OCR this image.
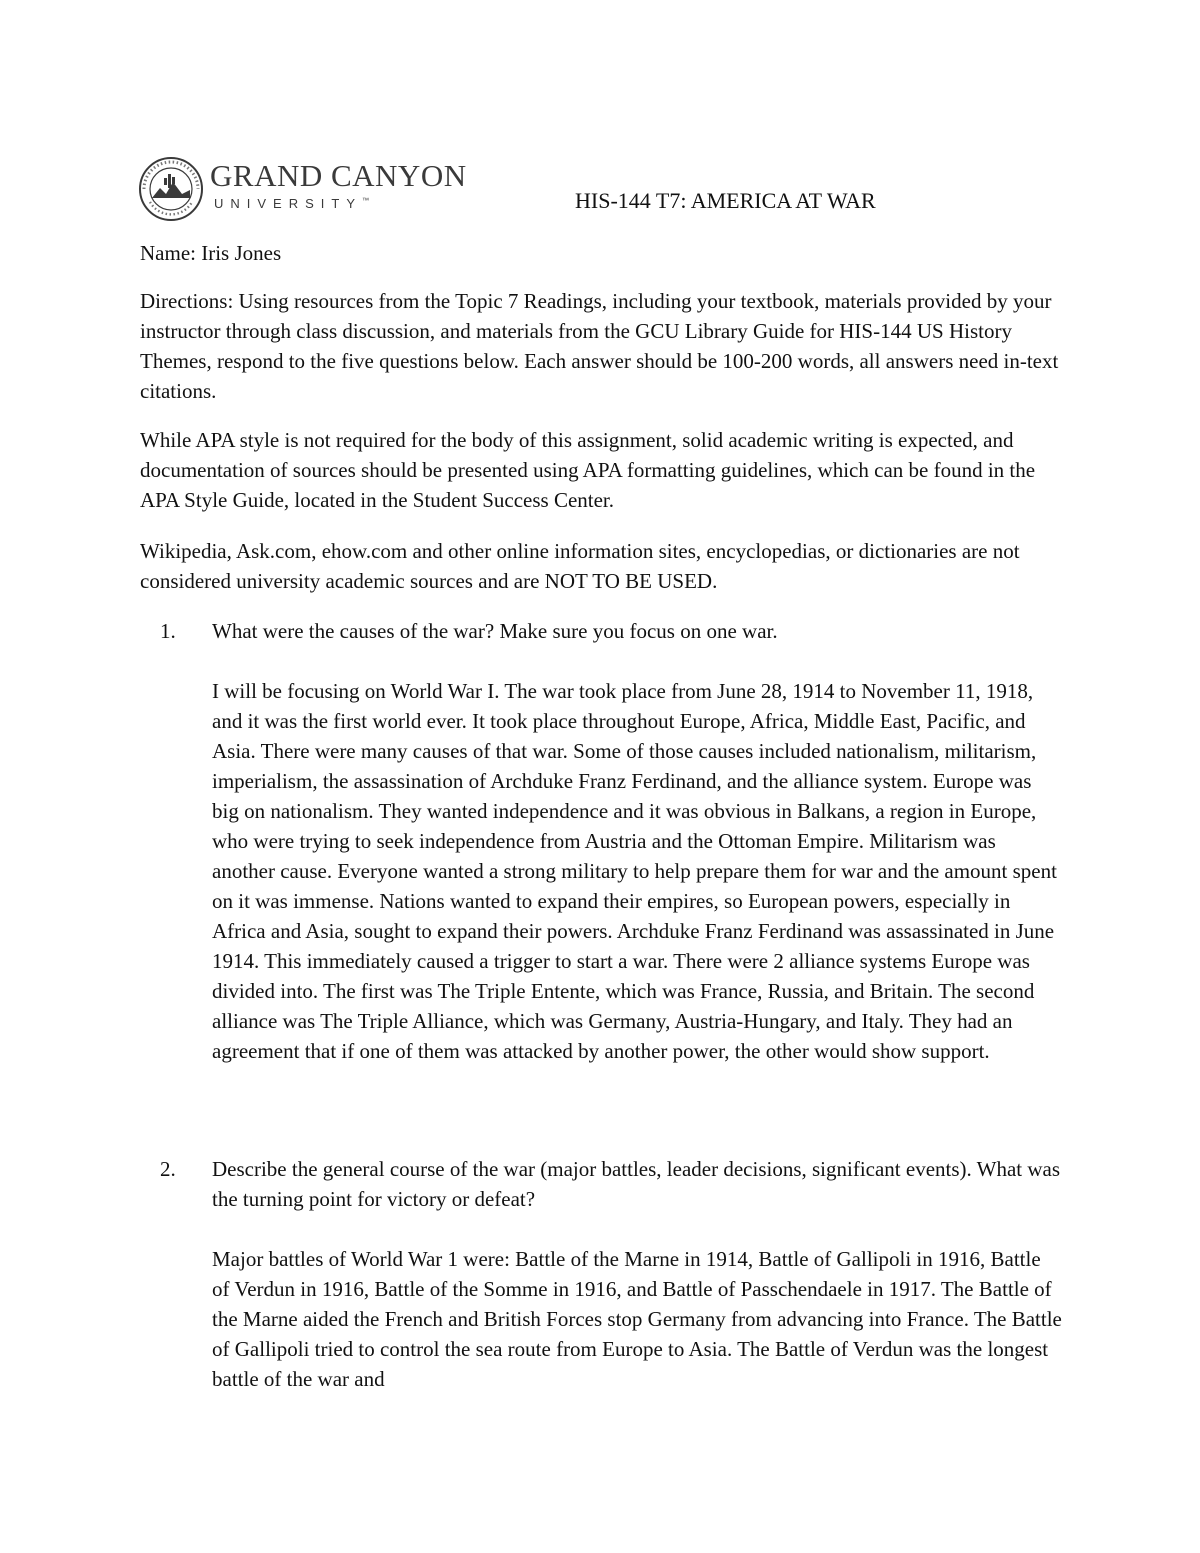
GRAND CANYON
UNIVERSITY™	HIS-144 T7: AMERICA AT WAR

Name: Iris Jones

Directions: Using resources from the Topic 7 Readings, including your textbook, materials provided by your instructor through class discussion, and materials from the GCU Library Guide for HIS-144 US History Themes, respond to the five questions below. Each answer should be 100-200 words, all answers need in-text citations.

While APA style is not required for the body of this assignment, solid academic writing is expected, and documentation of sources should be presented using APA formatting guidelines, which can be found in the APA Style Guide, located in the Student Success Center.

Wikipedia, Ask.com, ehow.com and other online information sites, encyclopedias, or dictionaries are not considered university academic sources and are NOT TO BE USED.

1. What were the causes of the war? Make sure you focus on one war.

I will be focusing on World War I. The war took place from June 28, 1914 to November 11, 1918, and it was the first world ever. It took place throughout Europe, Africa, Middle East, Pacific, and Asia. There were many causes of that war. Some of those causes included nationalism, militarism, imperialism, the assassination of Archduke Franz Ferdinand, and the alliance system. Europe was big on nationalism. They wanted independence and it was obvious in Balkans, a region in Europe, who were trying to seek independence from Austria and the Ottoman Empire. Militarism was another cause. Everyone wanted a strong military to help prepare them for war and the amount spent on it was immense. Nations wanted to expand their empires, so European powers, especially in Africa and Asia, sought to expand their powers. Archduke Franz Ferdinand was assassinated in June 1914. This immediately caused a trigger to start a war. There were 2 alliance systems Europe was divided into. The first was The Triple Entente, which was France, Russia, and Britain. The second alliance was The Triple Alliance, which was Germany, Austria-Hungary, and Italy. They had an agreement that if one of them was attacked by another power, the other would show support.

2. Describe the general course of the war (major battles, leader decisions, significant events). What was the turning point for victory or defeat?

Major battles of World War 1 were: Battle of the Marne in 1914, Battle of Gallipoli in 1916, Battle of Verdun in 1916, Battle of the Somme in 1916, and Battle of Passchendaele in 1917. The Battle of the Marne aided the French and British Forces stop Germany from advancing into France. The Battle of Gallipoli tried to control the sea route from Europe to Asia. The Battle of Verdun was the longest battle of the war and
